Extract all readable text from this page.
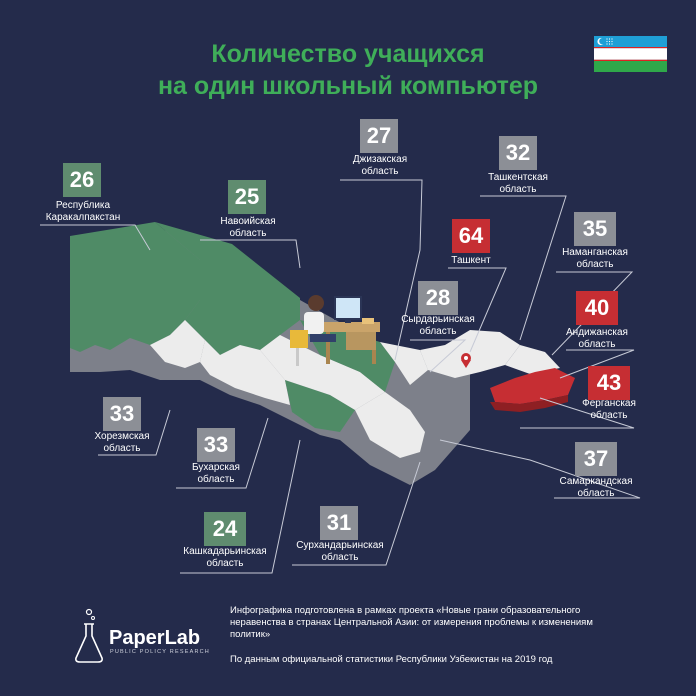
Количество учащихся
на один школьный компьютер
26
Республика
Каракалпакстан
25
Навоийская
область
27
Джизакская
область
32
Ташкентская
область
64
Ташкент
35
Наманганская
область
28
Сырдарьинская
область
40
Андижанская
область
43
Ферганская
область
33
Хорезмская
область	33
Бухарская
область
37
Самаркандская
область
24
Кашкадарьинская
область
31
Сурхандарьинская
область
PaperLab
PUBLIC POLICY RESEARCH
Инфографика подготовлена в рамках проекта «Новые грани образовательного неравенства в странах Центральной Азии: от измерения проблемы к изменениям политик»
По данным официальной статистики Республики Узбекистан на 2019 год
